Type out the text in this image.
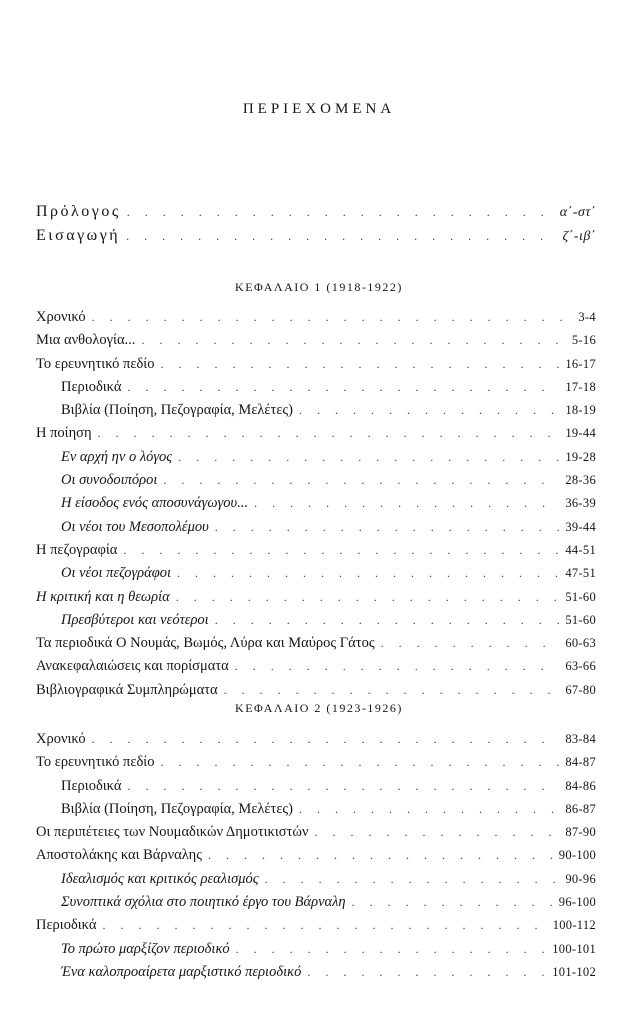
ΠΕΡΙΕΧΟΜΕΝΑ
Πρόλογος . . .	α΄-στ΄
Εισαγωγή . . .	ζ΄-ιβ΄
ΚΕΦΑΛΑΙΟ 1 (1918-1922)
Χρονικό . . .	3-4
Μια ανθολογία... . . .	5-16
Το ερευνητικό πεδίο . . .	16-17
Περιοδικά . . .	17-18
Βιβλία (Ποίηση, Πεζογραφία, Μελέτες) . . .	18-19
Η ποίηση . . .	19-44
Εν αρχή ην ο λόγος . . .	19-28
Οι συνοδοιπόροι . . .	28-36
Η είσοδος ενός αποσυνάγωγου... . . .	36-39
Οι νέοι του Μεσοπολέμου . . .	39-44
Η πεζογραφία . . .	44-51
Οι νέοι πεζογράφοι . . .	47-51
Η κριτική και η θεωρία . . .	51-60
Πρεσβύτεροι και νεότεροι . . .	51-60
Τα περιοδικά Ο Νουμάς, Βωμός, Λύρα και Μαύρος Γάτος . . .	60-63
Ανακεφαλαιώσεις και πορίσματα . . .	63-66
Βιβλιογραφικά Συμπληρώματα . . .	67-80
ΚΕΦΑΛΑΙΟ 2 (1923-1926)
Χρονικό . . .	83-84
Το ερευνητικό πεδίο . . .	84-87
Περιοδικά . . .	84-86
Βιβλία (Ποίηση, Πεζογραφία, Μελέτες) . . .	86-87
Οι περιπέτειες των Νουμαδικών Δημοτικιστών . . .	87-90
Αποστολάκης και Βάρναλης . . .	90-100
Ιδεαλισμός και κριτικός ρεαλισμός . . .	90-96
Συνοπτικά σχόλια στο ποιητικό έργο του Βάρναλη . . .	96-100
Περιοδικά . . .	100-112
Το πρώτο μαρξίζον περιοδικό . . .	100-101
Ένα καλοπροαίρετα μαρξιστικό περιοδικό . . .	101-102
